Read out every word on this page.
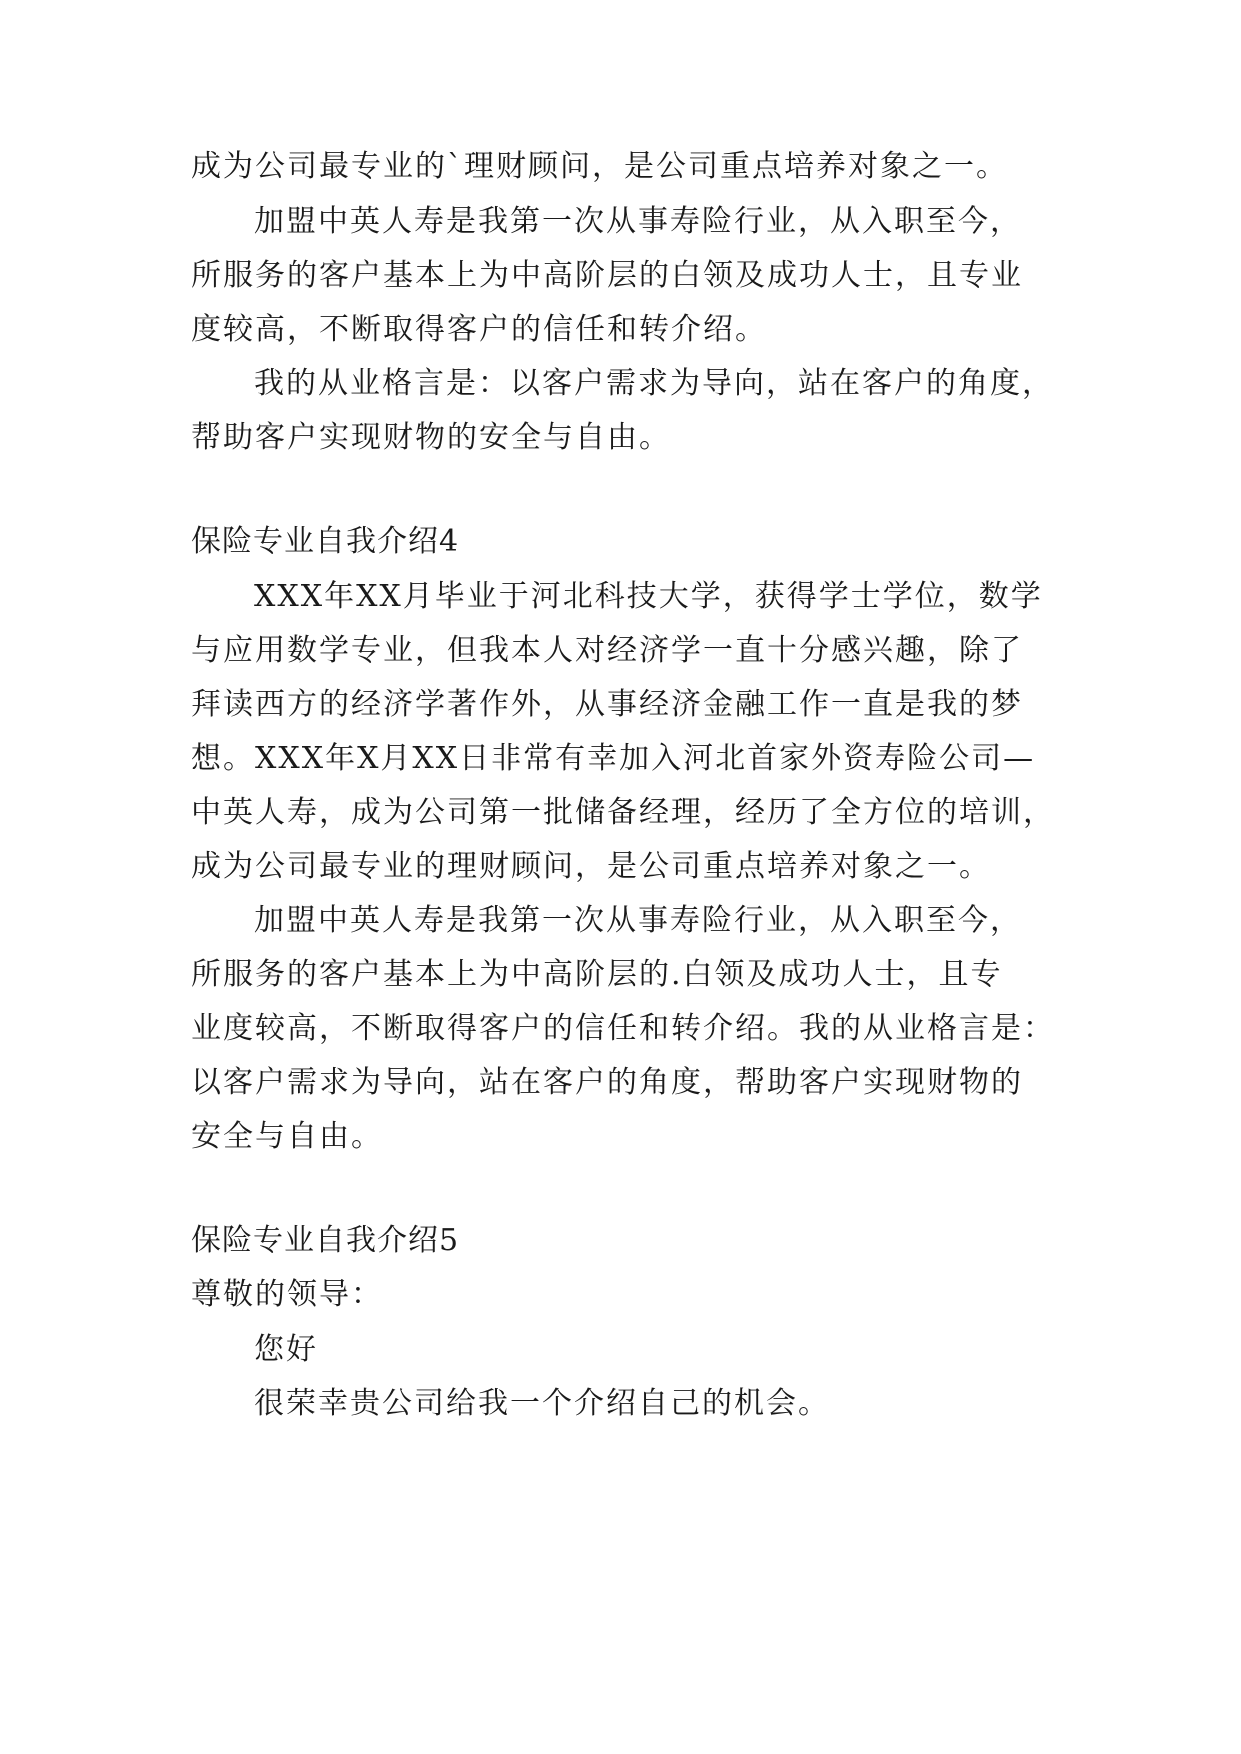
成为公司最专业的`理财顾问，是公司重点培养对象之一。
加盟中英人寿是我第一次从事寿险行业，从入职至今，
所服务的客户基本上为中高阶层的白领及成功人士，且专业
度较高，不断取得客户的信任和转介绍。
我的从业格言是：以客户需求为导向，站在客户的角度，
帮助客户实现财物的安全与自由。
保险专业自我介绍4
XXX年XX月毕业于河北科技大学，获得学士学位，数学
与应用数学专业，但我本人对经济学一直十分感兴趣，除了
拜读西方的经济学著作外，从事经济金融工作一直是我的梦
想。XXX年X月XX日非常有幸加入河北首家外资寿险公司—
中英人寿，成为公司第一批储备经理，经历了全方位的培训，
成为公司最专业的理财顾问，是公司重点培养对象之一。
加盟中英人寿是我第一次从事寿险行业，从入职至今，
所服务的客户基本上为中高阶层的.白领及成功人士，且专
业度较高，不断取得客户的信任和转介绍。我的从业格言是：
以客户需求为导向，站在客户的角度，帮助客户实现财物的
安全与自由。
保险专业自我介绍5
尊敬的领导：
您好
很荣幸贵公司给我一个介绍自己的机会。
